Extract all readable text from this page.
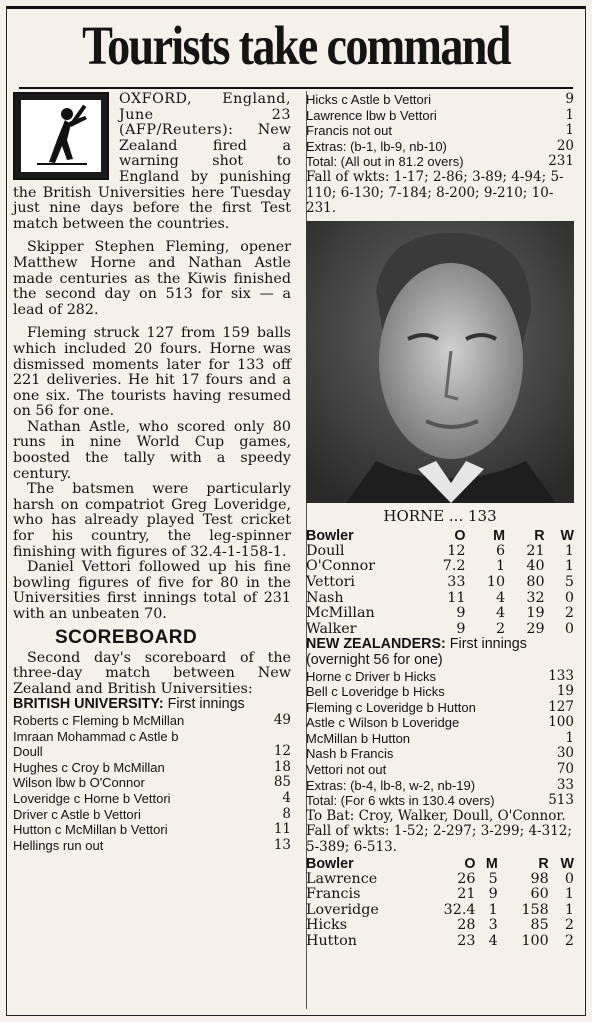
Tourists take command

OXFORD, England, June 23 (AFP/Reuters): New Zealand fired a warning shot to England by punishing the British Universities here Tuesday just nine days before the first Test match between the countries.

Skipper Stephen Fleming, opener Matthew Horne and Nathan Astle made centuries as the Kiwis finished the second day on 513 for six — a lead of 282.

Fleming struck 127 from 159 balls which included 20 fours. Horne was dismissed moments later for 133 off 221 deliveries. He hit 17 fours and a one six. The tourists having resumed on 56 for one.

Nathan Astle, who scored only 80 runs in nine World Cup games, boosted the tally with a speedy century.

The batsmen were particularly harsh on compatriot Greg Loveridge, who has already played Test cricket for his country, the leg-spinner finishing with figures of 32.4-1-158-1.

Daniel Vettori followed up his fine bowling figures of five for 80 in the Universities first innings total of 231 with an unbeaten 70.

SCOREBOARD

Second day's scoreboard of the three-day match between New Zealand and British Universities:

BRITISH UNIVERSITY: First innings
Roberts c Fleming b McMillan	49
Imraan Mohammad c Astle b Doull	12
Hughes c Croy b McMillan	18
Wilson lbw b O'Connor	85
Loveridge c Horne b Vettori	4
Driver c Astle b Vettori	8
Hutton c McMillan b Vettori	11
Hellings run out	13
Hicks c Astle b Vettori	9
Lawrence lbw b Vettori	1
Francis not out	1
Extras: (b-1, lb-9, nb-10)	20
Total: (All out in 81.2 overs)	231
Fall of wkts: 1-17; 2-86; 3-89; 4-94; 5-110; 6-130; 7-184; 8-200; 9-210; 10-231.
HORNE ... 133
Bowler	O	M	R	W
Doull	12	6	21	1
O'Connor	7.2	1	40	1
Vettori	33	10	80	5
Nash	11	4	32	0
McMillan	9	4	19	2
Walker	9	2	29	0
NEW ZEALANDERS: First innings (overnight 56 for one)
Horne c Driver b Hicks	133
Bell c Loveridge b Hicks	19
Fleming c Loveridge b Hutton	127
Astle c Wilson b Loveridge	100
McMillan b Hutton	1
Nash b Francis	30
Vettori not out	70
Extras: (b-4, lb-8, w-2, nb-19)	33
Total: (For 6 wkts in 130.4 overs)	513
To Bat: Croy, Walker, Doull, O'Connor.
Fall of wkts: 1-52; 2-297; 3-299; 4-312; 5-389; 6-513.
Bowler	O	M	R	W
Lawrence	26	5	98	0
Francis	21	9	60	1
Loveridge	32.4	1	158	1
Hicks	28	3	85	2
Hutton	23	4	100	2
